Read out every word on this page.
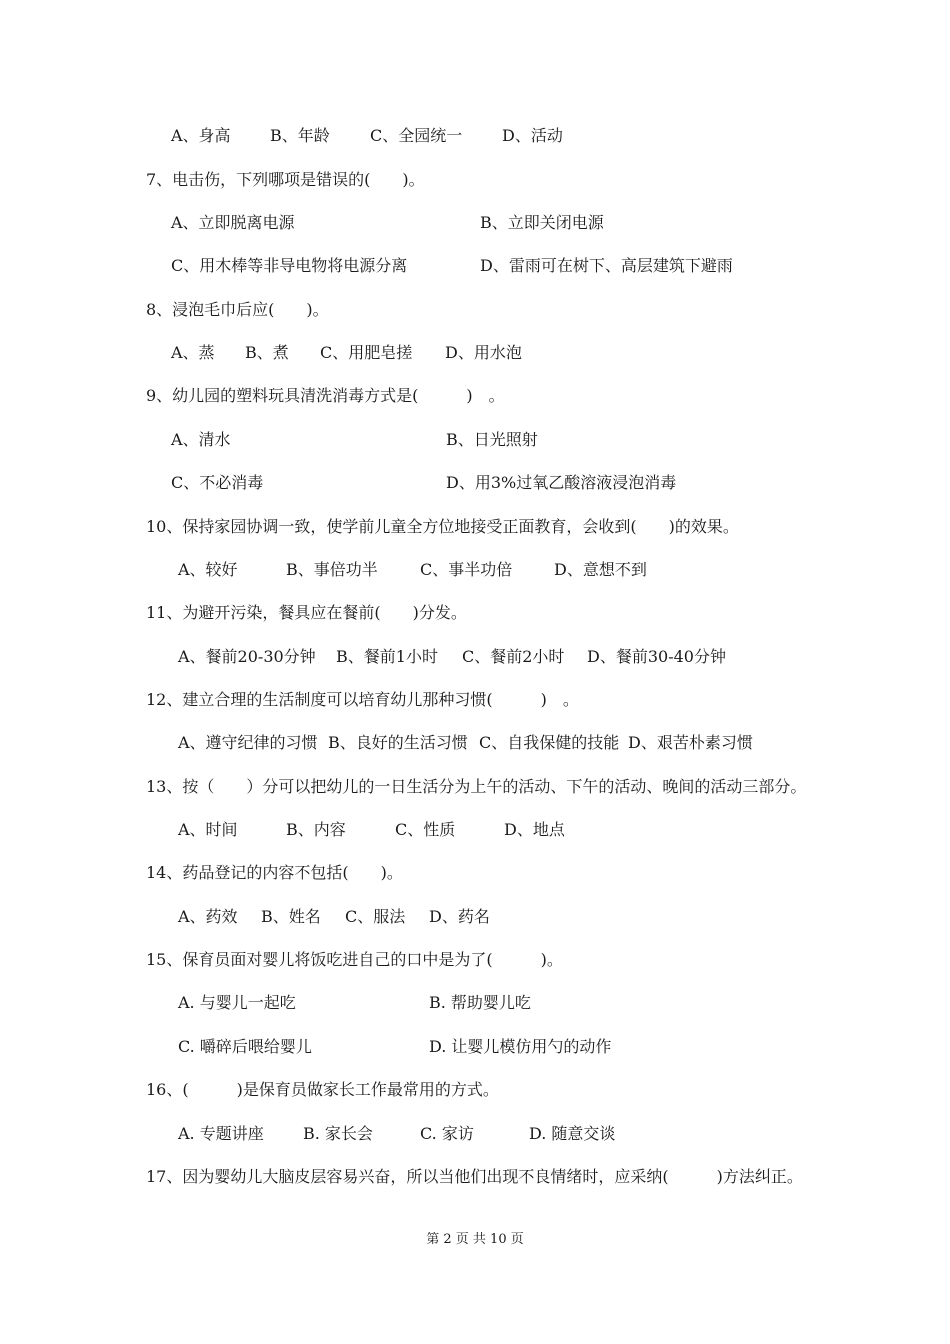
A、身高 B、年龄	C、全园统一 D、活动
7、电击伤，下列哪项是错误的(　　)。
A、立即脱离电源	B、立即关闭电源
C、用木棒等非导电物将电源分离	D、雷雨可在树下、高层建筑下避雨
8、浸泡毛巾后应(　　)。
A、蒸 B、煮 C、用肥皂搓 D、用水泡
9、幼儿园的塑料玩具清洗消毒方式是(　　　)　。
A、清水	B、日光照射
C、不必消毒	D、用3%过氧乙酸溶液浸泡消毒
10、保持家园协调一致，使学前儿童全方位地接受正面教育，会收到(　　)的效果。
A、较好	B、事倍功半	C、事半功倍	D、意想不到
11、为避开污染，餐具应在餐前(　　)分发。
A、餐前20-30分钟 B、餐前1小时 C、餐前2小时 D、餐前30-40分钟
12、建立合理的生活制度可以培育幼儿那种习惯(　　　)　。
A、遵守纪律的习惯 B、良好的生活习惯 C、自我保健的技能 D、艰苦朴素习惯
13、按（　　）分可以把幼儿的一日生活分为上午的活动、下午的活动、晚间的活动三部分。
A、时间	B、内容	C、性质	D、地点
14、药品登记的内容不包括(　　)。
A、药效 B、姓名 C、服法 D、药名
15、保育员面对婴儿将饭吃进自己的口中是为了(　　　)。
A. 与婴儿一起吃	B. 帮助婴儿吃
C. 嚼碎后喂给婴儿	D. 让婴儿模仿用勺的动作
16、(　　　)是保育员做家长工作最常用的方式。
A. 专题讲座 B. 家长会	C. 家访	D. 随意交谈
17、因为婴幼儿大脑皮层容易兴奋，所以当他们出现不良情绪时，应采纳(　　　)方法纠正。
第 2 页 共 10 页
